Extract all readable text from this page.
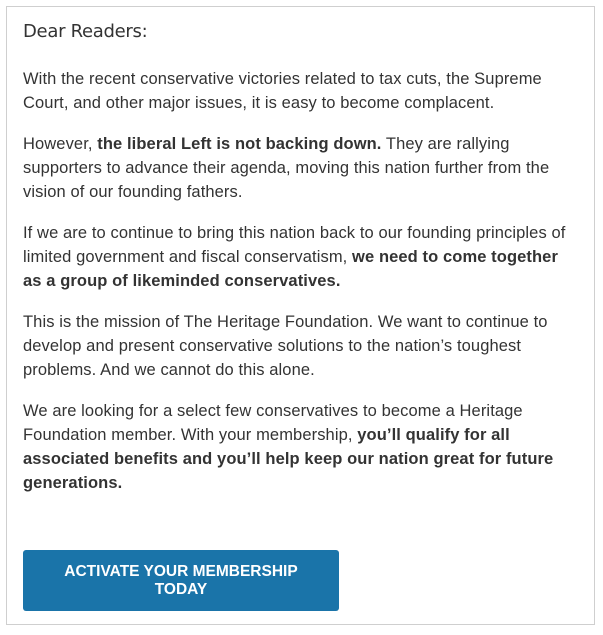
Dear Readers:

With the recent conservative victories related to tax cuts, the Supreme Court, and other major issues, it is easy to become complacent.

However, the liberal Left is not backing down. They are rallying supporters to advance their agenda, moving this nation further from the vision of our founding fathers.

If we are to continue to bring this nation back to our founding principles of limited government and fiscal conservatism, we need to come together as a group of likeminded conservatives.

This is the mission of The Heritage Foundation. We want to continue to develop and present conservative solutions to the nation’s toughest problems. And we cannot do this alone.

We are looking for a select few conservatives to become a Heritage Foundation member. With your membership, you’ll qualify for all associated benefits and you’ll help keep our nation great for future generations.

ACTIVATE YOUR MEMBERSHIP TODAY
